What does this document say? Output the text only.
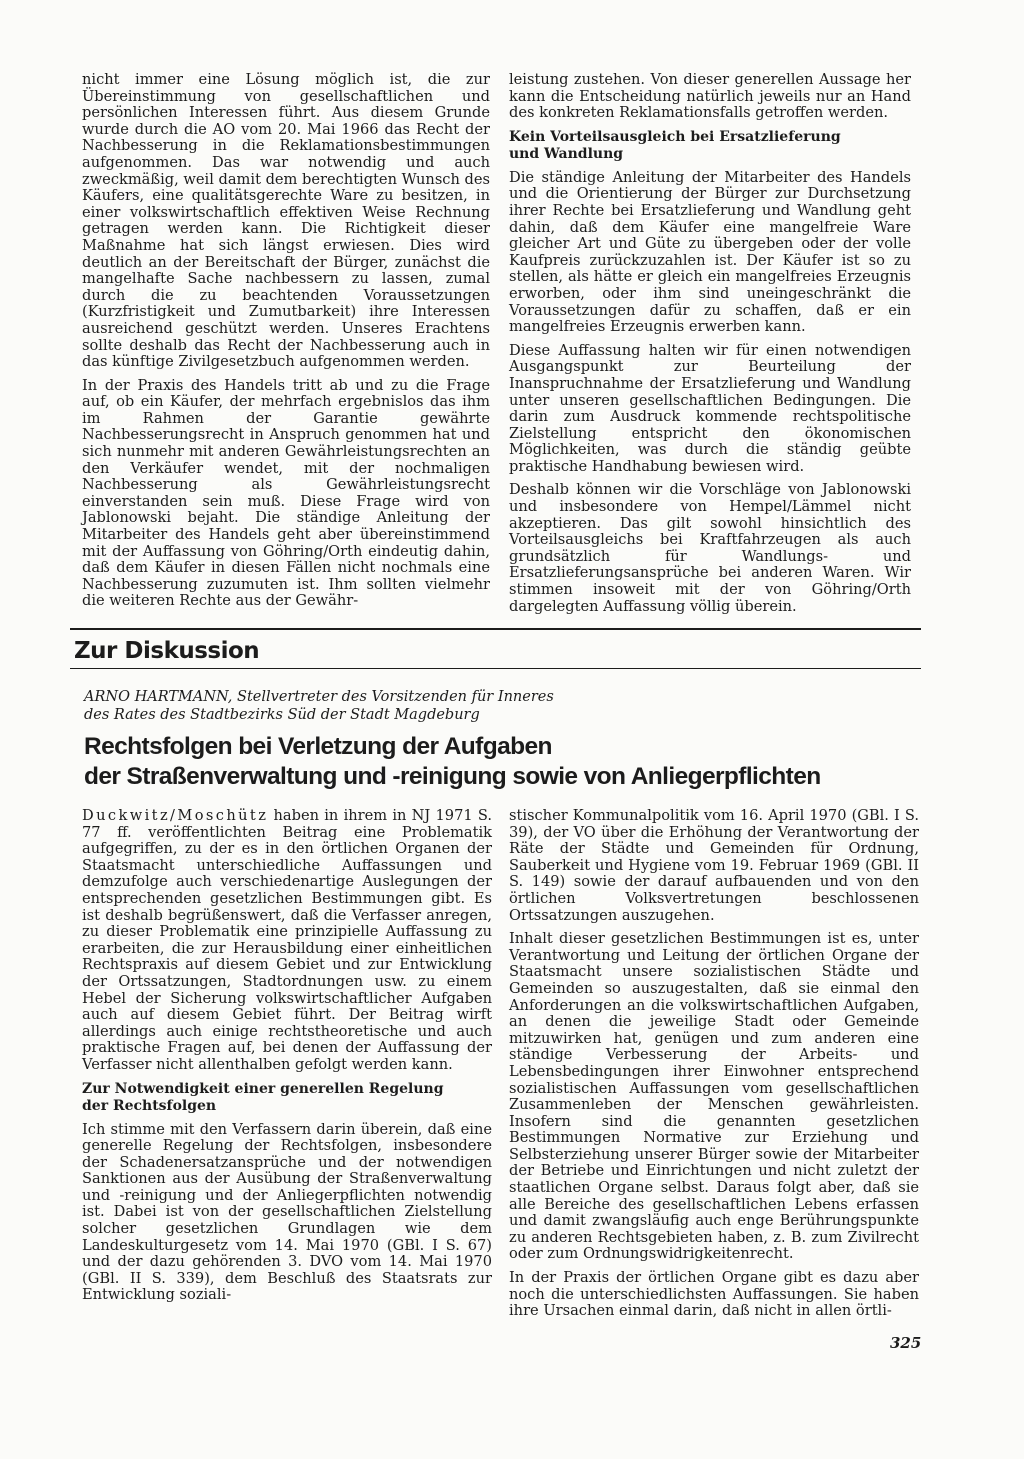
nicht immer eine Lösung möglich ist, die zur Übereinstimmung von gesellschaftlichen und persönlichen Interessen führt. Aus diesem Grunde wurde durch die AO vom 20. Mai 1966 das Recht der Nachbesserung in die Reklamationsbestimmungen aufgenommen. Das war notwendig und auch zweckmäßig, weil damit dem berechtigten Wunsch des Käufers, eine qualitätsgerechte Ware zu besitzen, in einer volkswirtschaftlich effektiven Weise Rechnung getragen werden kann. Die Richtigkeit dieser Maßnahme hat sich längst erwiesen. Dies wird deutlich an der Bereitschaft der Bürger, zunächst die mangelhafte Sache nachbessern zu lassen, zumal durch die zu beachtenden Voraussetzungen (Kurzfristigkeit und Zumutbarkeit) ihre Interessen ausreichend geschützt werden. Unseres Erachtens sollte deshalb das Recht der Nachbesserung auch in das künftige Zivilgesetzbuch aufgenommen werden.

In der Praxis des Handels tritt ab und zu die Frage auf, ob ein Käufer, der mehrfach ergebnislos das ihm im Rahmen der Garantie gewährte Nachbesserungsrecht in Anspruch genommen hat und sich nunmehr mit anderen Gewährleistungsrechten an den Verkäufer wendet, mit der nochmaligen Nachbesserung als Gewährleistungsrecht einverstanden sein muß. Diese Frage wird von Jablonowski bejaht. Die ständige Anleitung der Mitarbeiter des Handels geht aber übereinstimmend mit der Auffassung von Göhring/Orth eindeutig dahin, daß dem Käufer in diesen Fällen nicht nochmals eine Nachbesserung zuzumuten ist. Ihm sollten vielmehr die weiteren Rechte aus der Gewähr-

leistung zustehen. Von dieser generellen Aussage her kann die Entscheidung natürlich jeweils nur an Hand des konkreten Reklamationsfalls getroffen werden.

Kein Vorteilsausgleich bei Ersatzlieferung
und Wandlung

Die ständige Anleitung der Mitarbeiter des Handels und die Orientierung der Bürger zur Durchsetzung ihrer Rechte bei Ersatzlieferung und Wandlung geht dahin, daß dem Käufer eine mangelfreie Ware gleicher Art und Güte zu übergeben oder der volle Kaufpreis zurückzuzahlen ist. Der Käufer ist so zu stellen, als hätte er gleich ein mangelfreies Erzeugnis erworben, oder ihm sind uneingeschränkt die Voraussetzungen dafür zu schaffen, daß er ein mangelfreies Erzeugnis erwerben kann.

Diese Auffassung halten wir für einen notwendigen Ausgangspunkt zur Beurteilung der Inanspruchnahme der Ersatzlieferung und Wandlung unter unseren gesellschaftlichen Bedingungen. Die darin zum Ausdruck kommende rechtspolitische Zielstellung entspricht den ökonomischen Möglichkeiten, was durch die ständig geübte praktische Handhabung bewiesen wird.

Deshalb können wir die Vorschläge von Jablonowski und insbesondere von Hempel/Lämmel nicht akzeptieren. Das gilt sowohl hinsichtlich des Vorteilsausgleichs bei Kraftfahrzeugen als auch grundsätzlich für Wandlungs- und Ersatzlieferungsansprüche bei anderen Waren. Wir stimmen insoweit mit der von Göhring/Orth dargelegten Auffassung völlig überein.

Zur Diskussion
ARNO HARTMANN, Stellvertreter des Vorsitzenden für Inneres
des Rates des Stadtbezirks Süd der Stadt Magdeburg
Rechtsfolgen bei Verletzung der Aufgaben
der Straßenverwaltung und -reinigung sowie von Anliegerpflichten

Duckwitz/Moschütz haben in ihrem in NJ 1971 S. 77 ff. veröffentlichten Beitrag eine Problematik aufgegriffen, zu der es in den örtlichen Organen der Staatsmacht unterschiedliche Auffassungen und demzufolge auch verschiedenartige Auslegungen der entsprechenden gesetzlichen Bestimmungen gibt. Es ist deshalb begrüßenswert, daß die Verfasser anregen, zu dieser Problematik eine prinzipielle Auffassung zu erarbeiten, die zur Herausbildung einer einheitlichen Rechtspraxis auf diesem Gebiet und zur Entwicklung der Ortssatzungen, Stadtordnungen usw. zu einem Hebel der Sicherung volkswirtschaftlicher Aufgaben auch auf diesem Gebiet führt. Der Beitrag wirft allerdings auch einige rechtstheoretische und auch praktische Fragen auf, bei denen der Auffassung der Verfasser nicht allenthalben gefolgt werden kann.

Zur Notwendigkeit einer generellen Regelung
der Rechtsfolgen

Ich stimme mit den Verfassern darin überein, daß eine generelle Regelung der Rechtsfolgen, insbesondere der Schadenersatzansprüche und der notwendigen Sanktionen aus der Ausübung der Straßenverwaltung und -reinigung und der Anliegerpflichten notwendig ist. Dabei ist von der gesellschaftlichen Zielstellung solcher gesetzlichen Grundlagen wie dem Landeskulturgesetz vom 14. Mai 1970 (GBl. I S. 67) und der dazu gehörenden 3. DVO vom 14. Mai 1970 (GBl. II S. 339), dem Beschluß des Staatsrats zur Entwicklung soziali-

stischer Kommunalpolitik vom 16. April 1970 (GBl. I S. 39), der VO über die Erhöhung der Verantwortung der Räte der Städte und Gemeinden für Ordnung, Sauberkeit und Hygiene vom 19. Februar 1969 (GBl. II S. 149) sowie der darauf aufbauenden und von den örtlichen Volksvertretungen beschlossenen Ortssatzungen auszugehen.

Inhalt dieser gesetzlichen Bestimmungen ist es, unter Verantwortung und Leitung der örtlichen Organe der Staatsmacht unsere sozialistischen Städte und Gemeinden so auszugestalten, daß sie einmal den Anforderungen an die volkswirtschaftlichen Aufgaben, an denen die jeweilige Stadt oder Gemeinde mitzuwirken hat, genügen und zum anderen eine ständige Verbesserung der Arbeits- und Lebensbedingungen ihrer Einwohner entsprechend sozialistischen Auffassungen vom gesellschaftlichen Zusammenleben der Menschen gewährleisten. Insofern sind die genannten gesetzlichen Bestimmungen Normative zur Erziehung und Selbsterziehung unserer Bürger sowie der Mitarbeiter der Betriebe und Einrichtungen und nicht zuletzt der staatlichen Organe selbst. Daraus folgt aber, daß sie alle Bereiche des gesellschaftlichen Lebens erfassen und damit zwangsläufig auch enge Berührungspunkte zu anderen Rechtsgebieten haben, z. B. zum Zivilrecht oder zum Ordnungswidrigkeitenrecht.

In der Praxis der örtlichen Organe gibt es dazu aber noch die unterschiedlichsten Auffassungen. Sie haben ihre Ursachen einmal darin, daß nicht in allen örtli-

325
